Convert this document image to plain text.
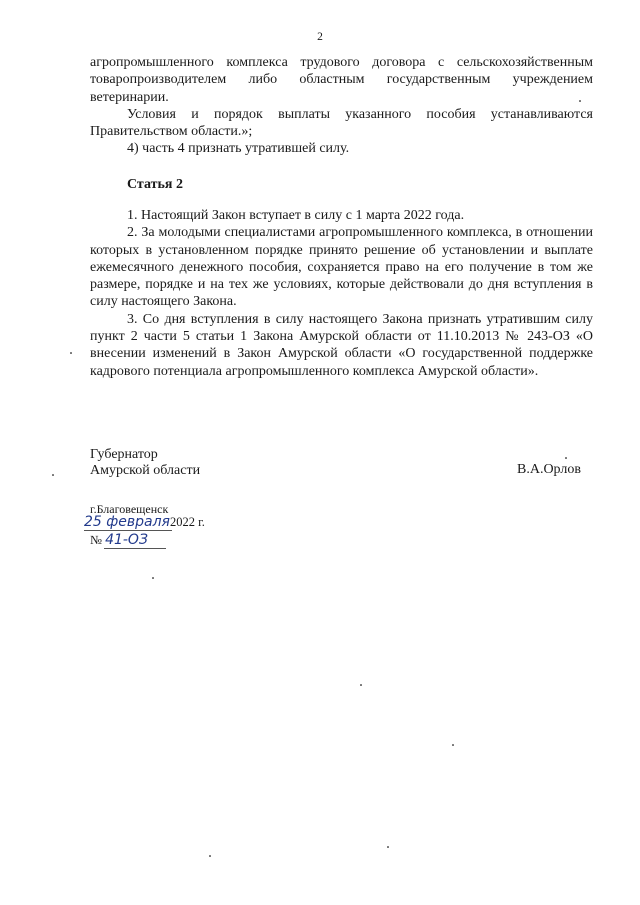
2

агропромышленного комплекса трудового договора с сельскохозяйственным товаропроизводителем либо областным государственным учреждением ветеринарии.

Условия и порядок выплаты указанного пособия устанавливаются Правительством области.»;

4) часть 4 признать утратившей силу.

Статья 2

1. Настоящий Закон вступает в силу с 1 марта 2022 года.

2. За молодыми специалистами агропромышленного комплекса, в отношении которых в установленном порядке принято решение об установлении и выплате ежемесячного денежного пособия, сохраняется право на его получение в том же размере, порядке и на тех же условиях, которые действовали до дня вступления в силу настоящего Закона.

3. Со дня вступления в силу настоящего Закона признать утратившим силу пункт 2 части 5 статьи 1 Закона Амурской области от 11.10.2013 № 243-ОЗ «О внесении изменений в Закон Амурской области «О государственной поддержке кадрового потенциала агропромышленного комплекса Амурской области».

Губернатор
Амурской области	В.А.Орлов
г.Благовещенск
25 февраля2022 г.
№ 41-ОЗ
